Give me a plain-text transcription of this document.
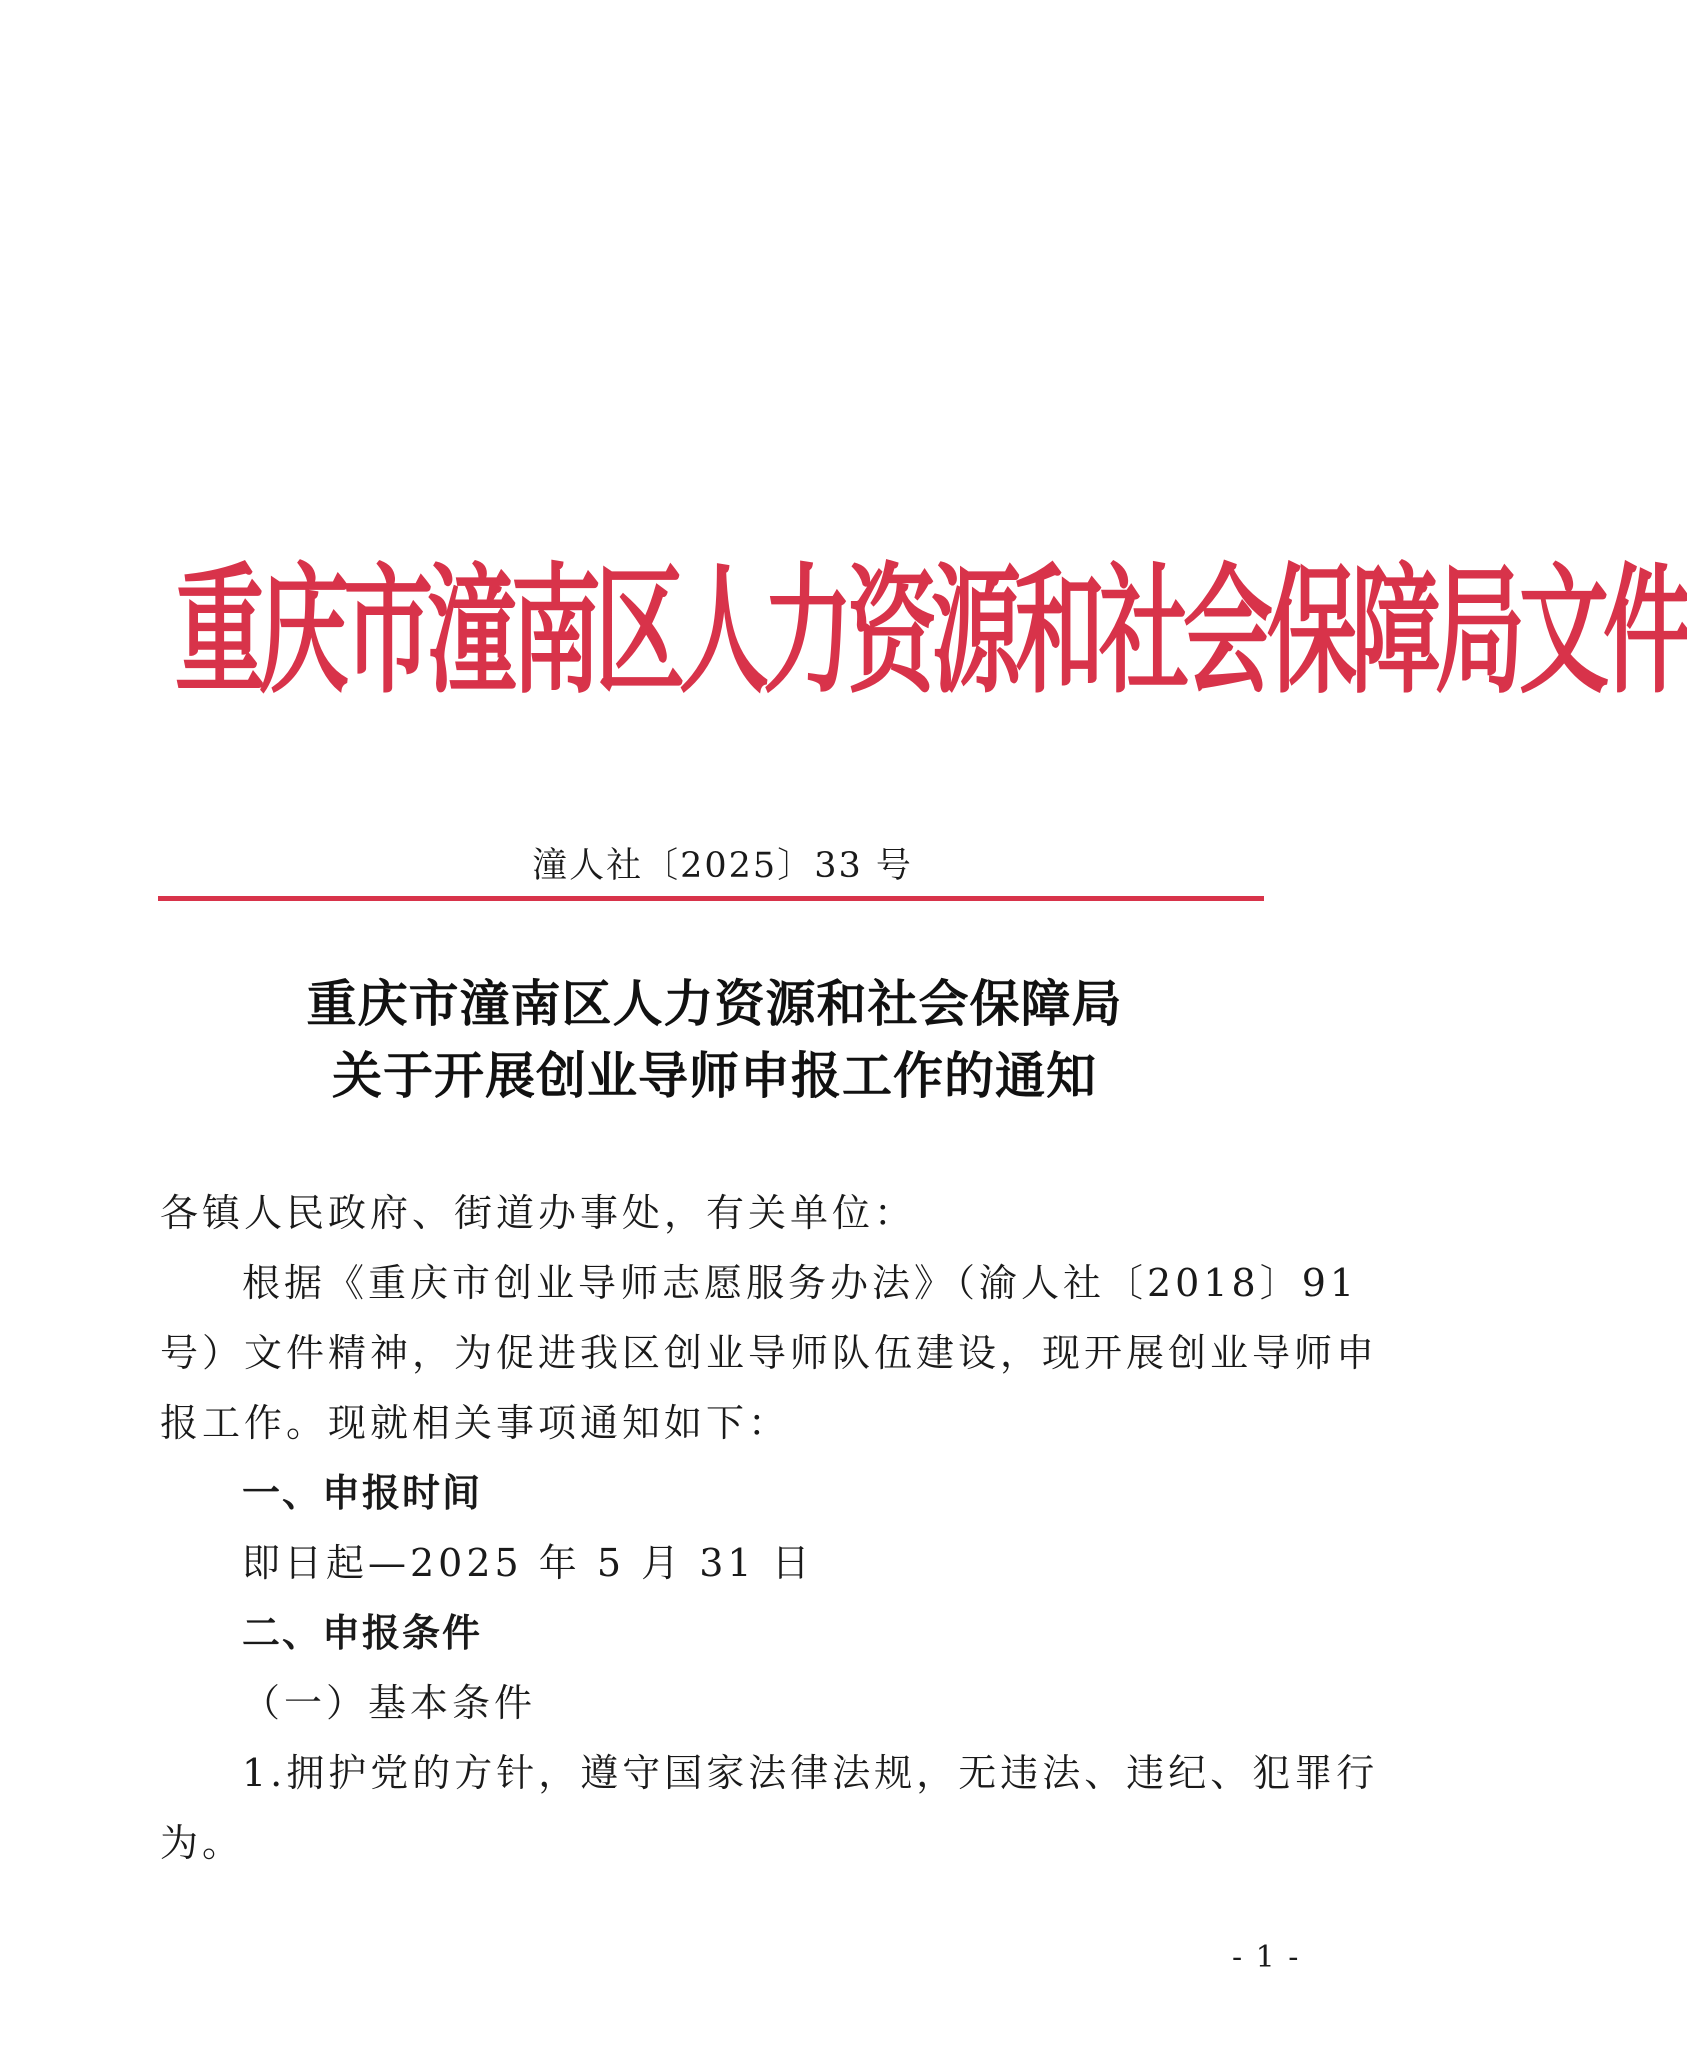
重庆市潼南区人力资源和社会保障局文件
潼人社〔2025〕33 号
重庆市潼南区人力资源和社会保障局
关于开展创业导师申报工作的通知
各镇人民政府、街道办事处，有关单位：
根据《重庆市创业导师志愿服务办法》（渝人社〔2018〕91
号）文件精神，为促进我区创业导师队伍建设，现开展创业导师申
报工作。现就相关事项通知如下：
一、申报时间
即日起—2025 年 5 月 31 日
二、申报条件
（一）基本条件
1.拥护党的方针，遵守国家法律法规，无违法、违纪、犯罪行
为。
- 1 -
